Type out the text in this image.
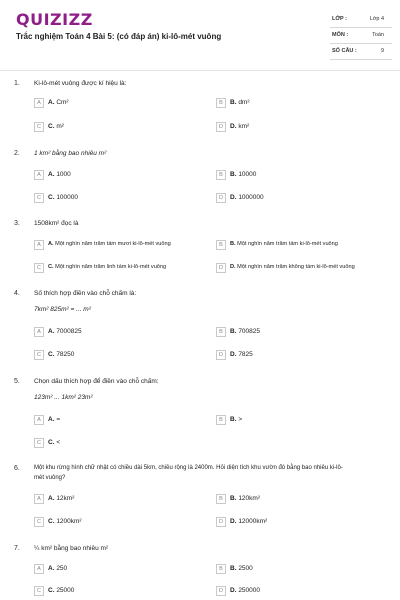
QUIZIZZ
Trắc nghiệm Toán 4 Bài 5: (có đáp án) ki-lô-mét vuông
LỚP :	Lớp 4
MÔN :	Toán
SỐ CÂU :	9
1. Ki-lô-mét vuông được kí hiệu là:
A	A. Cm²	B	B. dm²
C	C. m²	D	D. km²
2. 1 km² bằng bao nhiêu m²
A	A. 1000	B	B. 10000
C	C. 100000	D	D. 1000000
3. 1508km² đọc là
A	A. Một nghìn năm trăm tám mươi ki-lô-mét vuông	B	B. Một nghìn năm trăm tám ki-lô-mét vuông
C	C. Một nghìn năm trăm linh tám ki-lô-mét vuông	D	D. Một nghìn năm trăm không tám ki-lô-mét vuông
4. Số thích hợp điền vào chỗ chấm là:
7km² 825m² = ... m²
A	A. 7000825	B	B. 700825
C	C. 78250	D	D. 7825
5. Chọn dấu thích hợp để điền vào chỗ chấm:
123m² ... 1km² 23m²
A	A. =	B	B. >
C	C. <
6. Một khu rừng hình chữ nhật có chiều dài 5km, chiều rộng là 2400m. Hỏi diện tích khu vườn đó bằng bao nhiêu ki-lô-
mét vuông?
A	A. 12km²	B	B. 120km²
C	C. 1200km²	D	D. 12000km²
7. ¼ km² bằng bao nhiêu m²
A	A. 250	B	B. 2500
C	C. 25000	D	D. 250000
